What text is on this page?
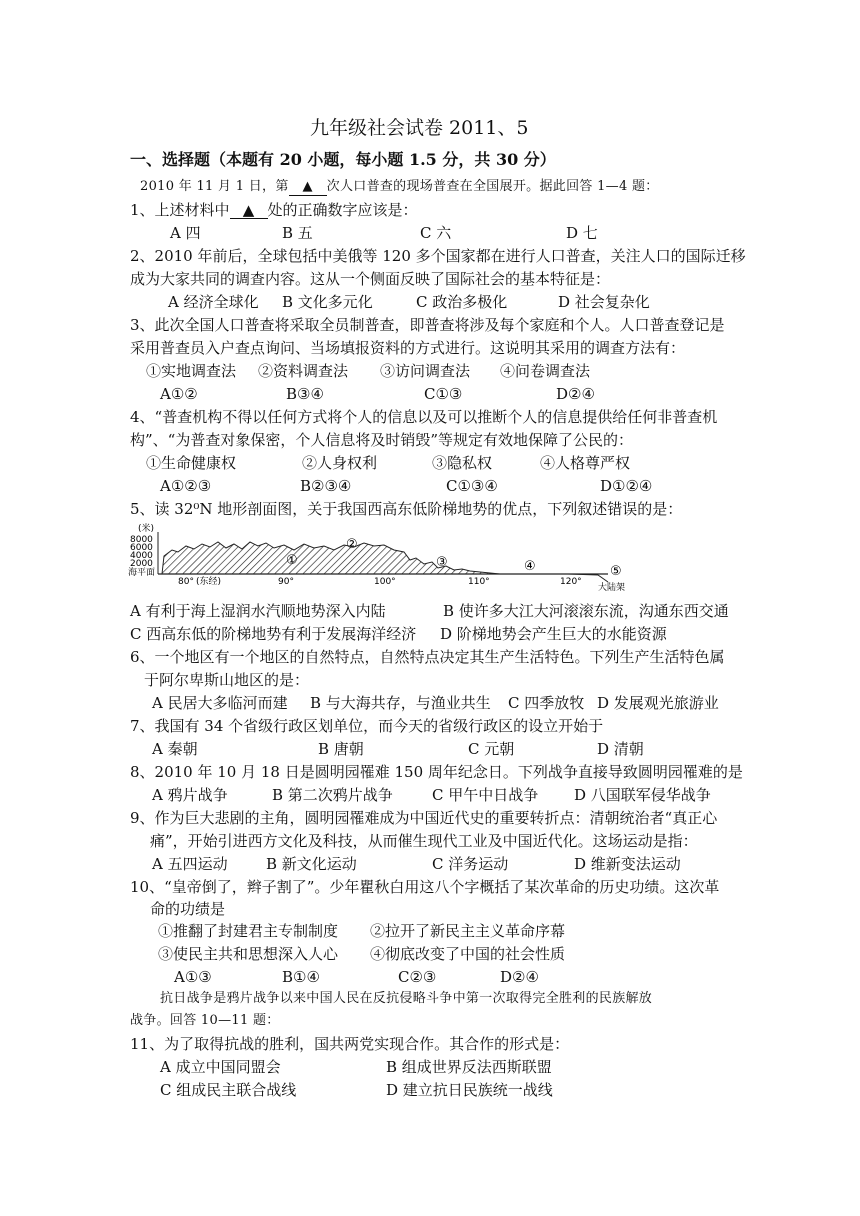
九年级社会试卷 2011、5
一、选择题（本题有 20 小题，每小题 1.5 分，共 30 分）
2010 年 11 月 1 日，第 ▲ 次人口普查的现场普查在全国展开。据此回答 1—4 题：
1、上述材料中 ▲ 处的正确数字应该是：
A 四	B 五	C 六	D 七
2、2010 年前后，全球包括中美俄等 120 多个国家都在进行人口普查，关注人口的国际迁移
成为大家共同的调查内容。这从一个侧面反映了国际社会的基本特征是：
A 经济全球化 B 文化多元化	C 政治多极化	D 社会复杂化
3、此次全国人口普查将采取全员制普查，即普查将涉及每个家庭和个人。人口普查登记是
采用普查员入户查点询问、当场填报资料的方式进行。这说明其采用的调查方法有：
①实地调查法 ②资料调查法 ③访问调查法 ④问卷调查法
A①②	B③④	C①③	D②④
4、“普查机构不得以任何方式将个人的信息以及可以推断个人的信息提供给任何非普查机
构”、“为普查对象保密，个人信息将及时销毁”等规定有效地保障了公民的：
①生命健康权	②人身权利	③隐私权	④人格尊严权
A①②③	B②③④	C①③④	D①②④
5、读 32⁰N 地形剖面图，关于我国西高东低阶梯地势的优点，下列叙述错误的是：
(米)
8000
6000
4000
2000
海平面
80° (东经)	90°	100°	110°	120°
①
②
③	④	⑤
大陆架
A 有利于海上湿润水汽顺地势深入内陆	B 使许多大江大河滚滚东流，沟通东西交通
C 西高东低的阶梯地势有利于发展海洋经济 D 阶梯地势会产生巨大的水能资源
6、一个地区有一个地区的自然特点，自然特点决定其生产生活特色。下列生产生活特色属
于阿尔卑斯山地区的是：
A 民居大多临河而建 B 与大海共存，与渔业共生 C 四季放牧 D 发展观光旅游业
7、我国有 34 个省级行政区划单位，而今天的省级行政区的设立开始于
A 秦朝	B 唐朝	C 元朝	D 清朝
8、2010 年 10 月 18 日是圆明园罹难 150 周年纪念日。下列战争直接导致圆明园罹难的是
A 鸦片战争	B 第二次鸦片战争	C 甲午中日战争 D 八国联军侵华战争
9、作为巨大悲剧的主角，圆明园罹难成为中国近代史的重要转折点：清朝统治者“真正心
痛”，开始引进西方文化及科技，从而催生现代工业及中国近代化。这场运动是指：
A 五四运动	B 新文化运动	C 洋务运动	D 维新变法运动
10、“皇帝倒了，辫子割了”。少年瞿秋白用这八个字概括了某次革命的历史功绩。这次革
命的功绩是
①推翻了封建君主专制制度 ②拉开了新民主主义革命序幕
③使民主共和思想深入人心 ④彻底改变了中国的社会性质
A①③	B①④	C②③	D②④
抗日战争是鸦片战争以来中国人民在反抗侵略斗争中第一次取得完全胜利的民族解放
战争。回答 10—11 题：
11、为了取得抗战的胜利，国共两党实现合作。其合作的形式是：
A 成立中国同盟会	B 组成世界反法西斯联盟
C 组成民主联合战线	D 建立抗日民族统一战线
